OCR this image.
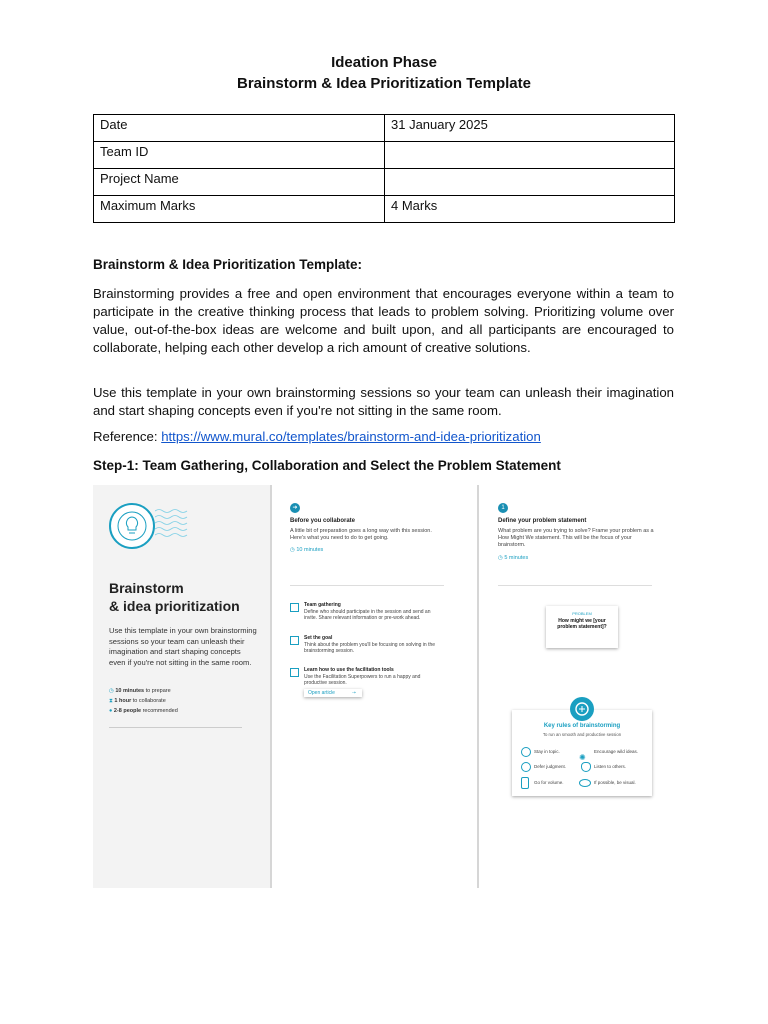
Ideation Phase
Brainstorm & Idea Prioritization Template
Date	31 January 2025
Team ID	
Project Name	
Maximum Marks	4 Marks
Brainstorm & Idea Prioritization Template:
Brainstorming provides a free and open environment that encourages everyone within a team to participate in the creative thinking process that leads to problem solving. Prioritizing volume over value, out-of-the-box ideas are welcome and built upon, and all participants are encouraged to collaborate, helping each other develop a rich amount of creative solutions.
Use this template in your own brainstorming sessions so your team can unleash their imagination and start shaping concepts even if you're not sitting in the same room.
Reference: https://www.mural.co/templates/brainstorm-and-idea-prioritization
Step-1: Team Gathering, Collaboration and Select the Problem Statement
Brainstorm
& idea prioritization
Use this template in your own brainstorming sessions so your team can unleash their imagination and start shaping concepts even if you're not sitting in the same room.
◷ 10 minutes to prepare
⧗ 1 hour to collaborate
● 2-8 people recommended
➜
Before you collaborate
A little bit of preparation goes a long way with this session. Here's what you need to do to get going.
◷ 10 minutes
Team gathering
Define who should participate in the session and send an invite. Share relevant information or pre-work ahead.
Set the goal
Think about the problem you'll be focusing on solving in the brainstorming session.
Learn how to use the facilitation tools
Use the Facilitation Superpowers to run a happy and productive session.
Open article	➝
1
Define your problem statement
What problem are you trying to solve? Frame your problem as a How Might We statement. This will be the focus of your brainstorm.
◷ 5 minutes
PROBLEM
How might we [your problem statement]?
Key rules of brainstorming
To run an smooth and productive session
Stay in topic.
✺
Encourage wild ideas.
Defer judgment.	Listen to others.
Go for volume.	If possible, be visual.
